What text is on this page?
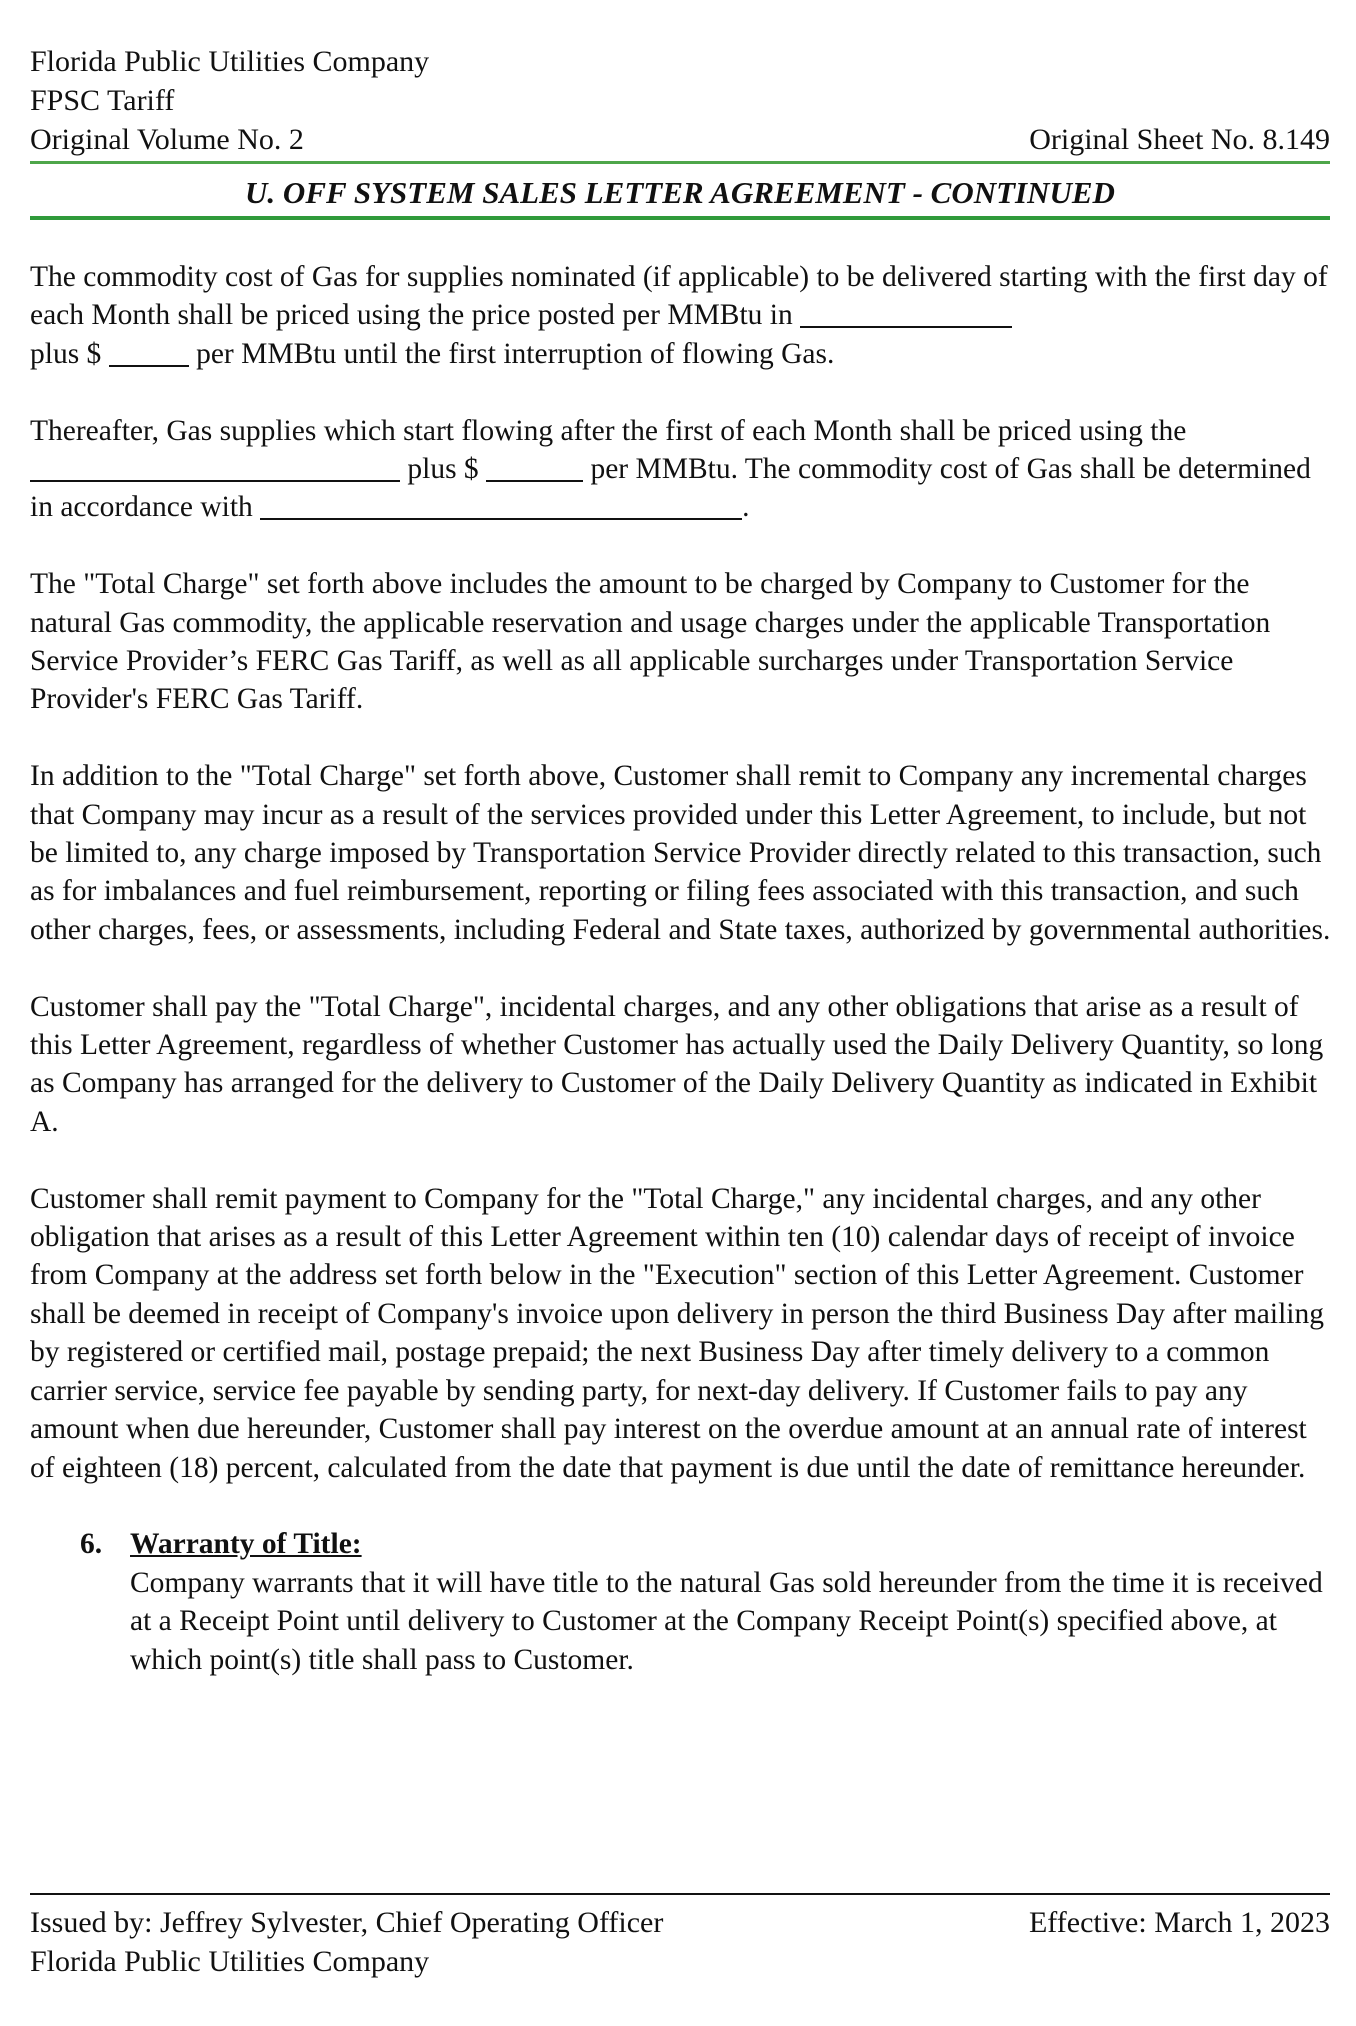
Florida Public Utilities Company
FPSC Tariff
Original Volume No. 2	Original Sheet No. 8.149
U. OFF SYSTEM SALES LETTER AGREEMENT - CONTINUED

The commodity cost of Gas for supplies nominated (if applicable) to be delivered starting with the first day of each Month shall be priced using the price posted per MMBtu in
plus $	per MMBtu until the first interruption of flowing Gas.

Thereafter, Gas supplies which start flowing after the first of each Month shall be priced using the  plus $	per MMBtu. The commodity cost of Gas shall be determined in accordance with	.

The "Total Charge" set forth above includes the amount to be charged by Company to Customer for the natural Gas commodity, the applicable reservation and usage charges under the applicable Transportation Service Provider’s FERC Gas Tariff, as well as all applicable surcharges under Transportation Service Provider's FERC Gas Tariff.

In addition to the "Total Charge" set forth above, Customer shall remit to Company any incremental charges that Company may incur as a result of the services provided under this Letter Agreement, to include, but not be limited to, any charge imposed by Transportation Service Provider directly related to this transaction, such as for imbalances and fuel reimbursement, reporting or filing fees associated with this transaction, and such other charges, fees, or assessments, including Federal and State taxes, authorized by governmental authorities.

Customer shall pay the "Total Charge", incidental charges, and any other obligations that arise as a result of this Letter Agreement, regardless of whether Customer has actually used the Daily Delivery Quantity, so long as Company has arranged for the delivery to Customer of the Daily Delivery Quantity as indicated in Exhibit A.

Customer shall remit payment to Company for the "Total Charge," any incidental charges, and any other obligation that arises as a result of this Letter Agreement within ten (10) calendar days of receipt of invoice from Company at the address set forth below in the "Execution" section of this Letter Agreement. Customer shall be deemed in receipt of Company's invoice upon delivery in person the third Business Day after mailing by registered or certified mail, postage prepaid; the next Business Day after timely delivery to a common carrier service, service fee payable by sending party, for next-day delivery. If Customer fails to pay any amount when due hereunder, Customer shall pay interest on the overdue amount at an annual rate of interest of eighteen (18) percent, calculated from the date that payment is due until the date of remittance hereunder.

6. Warranty of Title:
Company warrants that it will have title to the natural Gas sold hereunder from the time it is received at a Receipt Point until delivery to Customer at the Company Receipt Point(s) specified above, at which point(s) title shall pass to Customer.
Issued by: Jeffrey Sylvester, Chief Operating Officer	Effective: March 1, 2023
Florida Public Utilities Company
